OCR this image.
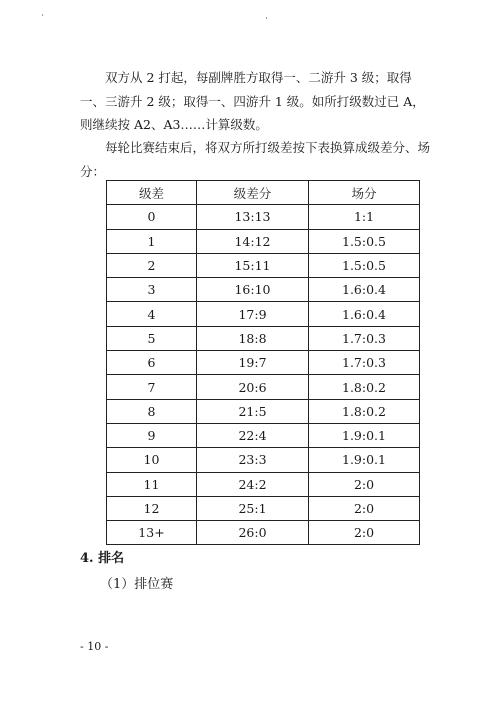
双方从 2 打起，每副牌胜方取得一、二游升 3 级；取得一、三游升 2 级；取得一、四游升 1 级。如所打级数过已 A，则继续按 A2、A3……计算级数。

每轮比赛结束后，将双方所打级差按下表换算成级差分、场分：

级差	级差分	场分
0	13:13	1:1
1	14:12	1.5:0.5
2	15:11	1.5:0.5
3	16:10	1.6:0.4
4	17:9	1.6:0.4
5	18:8	1.7:0.3
6	19:7	1.7:0.3
7	20:6	1.8:0.2
8	21:5	1.8:0.2
9	22:4	1.9:0.1
10	23:3	1.9:0.1
11	24:2	2:0
12	25:1	2:0
13+	26:0	2:0

4. 排名

（1）排位赛

- 10 -
